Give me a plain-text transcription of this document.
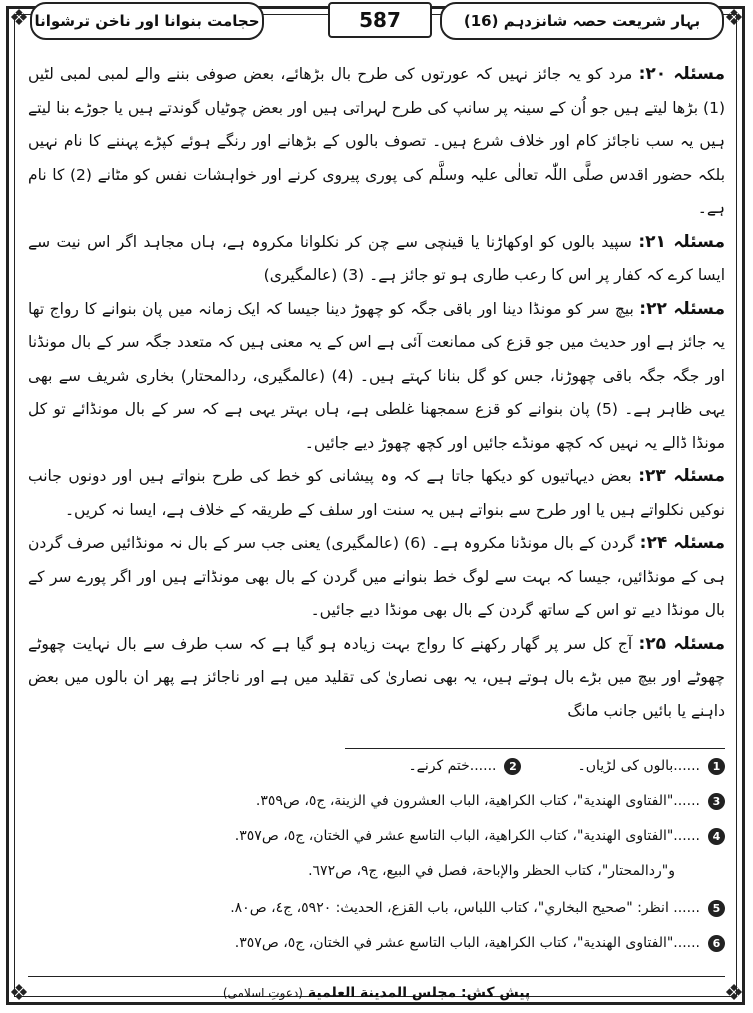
❖	❖
❖	❖
بہار شریعت حصہ شانزدہم (16)
587
حجامت بنوانا اور ناخن ترشوانا

مسئلہ ۲۰: مرد کو یہ جائز نہیں کہ عورتوں کی طرح بال بڑھائے، بعض صوفی بننے والے لمبی لمبی لٹیں (1) بڑھا لیتے ہیں جو اُن کے سینہ پر سانپ کی طرح لہراتی ہیں اور بعض چوٹیاں گوندتے ہیں یا جوڑے بنا لیتے ہیں یہ سب ناجائز کام اور خلاف شرع ہیں۔ تصوف بالوں کے بڑھانے اور رنگے ہوئے کپڑے پہننے کا نام نہیں بلکہ حضور اقدس صلَّی اللّٰہ تعالٰی علیہ وسلَّم کی پوری پیروی کرنے اور خواہشات نفس کو مٹانے (2) کا نام ہے۔

مسئلہ ۲۱: سپید بالوں کو اوکھاڑنا یا قینچی سے چن کر نکلوانا مکروہ ہے، ہاں مجاہد اگر اس نیت سے ایسا کرے کہ کفار پر اس کا رعب طاری ہو تو جائز ہے۔ (3) (عالمگیری)

مسئلہ ۲۲: بیچ سر کو مونڈا دینا اور باقی جگہ کو چھوڑ دینا جیسا کہ ایک زمانہ میں پان بنوانے کا رواج تھا یہ جائز ہے اور حدیث میں جو قزع کی ممانعت آئی ہے اس کے یہ معنی ہیں کہ متعدد جگہ سر کے بال مونڈنا اور جگہ جگہ باقی چھوڑنا، جس کو گل بنانا کہتے ہیں۔ (4) (عالمگیری، ردالمحتار) بخاری شریف سے بھی یہی ظاہر ہے۔ (5) پان بنوانے کو قزع سمجھنا غلطی ہے، ہاں بہتر یہی ہے کہ سر کے بال مونڈائے تو کل مونڈا ڈالے یہ نہیں کہ کچھ مونڈے جائیں اور کچھ چھوڑ دیے جائیں۔

مسئلہ ۲۳: بعض دیہاتیوں کو دیکھا جاتا ہے کہ وہ پیشانی کو خط کی طرح بنواتے ہیں اور دونوں جانب نوکیں نکلواتے ہیں یا اور طرح سے بنواتے ہیں یہ سنت اور سلف کے طریقہ کے خلاف ہے، ایسا نہ کریں۔

مسئلہ ۲۴: گردن کے بال مونڈنا مکروہ ہے۔ (6) (عالمگیری) یعنی جب سر کے بال نہ مونڈائیں صرف گردن ہی کے مونڈائیں، جیسا کہ بہت سے لوگ خط بنوانے میں گردن کے بال بھی مونڈاتے ہیں اور اگر پورے سر کے بال مونڈا دیے تو اس کے ساتھ گردن کے بال بھی مونڈا دیے جائیں۔

مسئلہ ۲۵: آج کل سر پر گھار رکھنے کا رواج بہت زیادہ ہو گیا ہے کہ سب طرف سے بال نہایت چھوٹے چھوٹے اور بیچ میں بڑے بال ہوتے ہیں، یہ بھی نصاریٰ کی تقلید میں ہے اور ناجائز ہے پھر ان بالوں میں بعض داہنے یا بائیں جانب مانگ

1
......بالوں کی لڑیاں۔
2
......ختم کرنے۔
3
......"الفتاوی الهندية"، كتاب الكراهية، الباب العشرون في الزينة، ج٥، ص٣٥٩.
4
......"الفتاوی الهندية"، كتاب الكراهية، الباب التاسع عشر في الختان، ج٥، ص٣٥٧.
و"ردالمحتار"، كتاب الحظر والإباحة، فصل في البيع، ج٩، ص٦٧٢.
5
...... انظر: "صحيح البخاري"، كتاب اللباس، باب القزع، الحديث: ٥٩٢٠، ج٤، ص٨٠.
6
......"الفتاوی الهندية"، كتاب الكراهية، الباب التاسع عشر في الختان، ج٥، ص٣٥٧.
پیش کش: مجلس المدينة العلمية (دعوتِ اسلامی)
